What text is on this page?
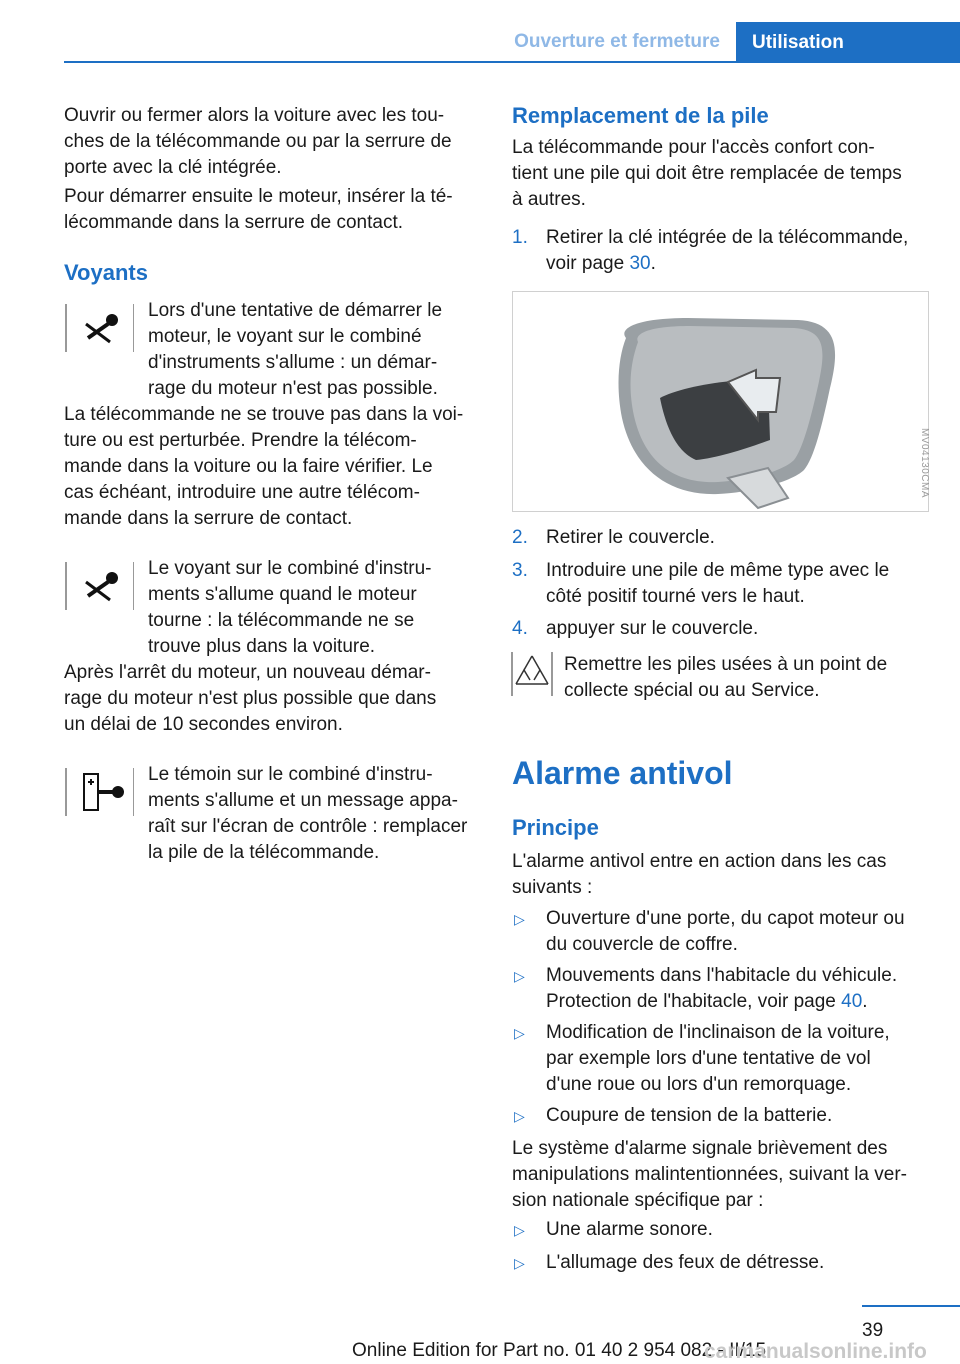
Ouverture et fermeture	Utilisation

Ouvrir ou fermer alors la voiture avec les tou-
ches de la télécommande ou par la serrure de
porte avec la clé intégrée.

Pour démarrer ensuite le moteur, insérer la té-
lécommande dans la serrure de contact.

Voyants

Lors d'une tentative de démarrer le
moteur, le voyant sur le combiné
d'instruments s'allume : un démar-
rage du moteur n'est pas possible.

La télécommande ne se trouve pas dans la voi-
ture ou est perturbée. Prendre la télécom-
mande dans la voiture ou la faire vérifier. Le
cas échéant, introduire une autre télécom-
mande dans la serrure de contact.

Le voyant sur le combiné d'instru-
ments s'allume quand le moteur
tourne : la télécommande ne se
trouve plus dans la voiture.

Après l'arrêt du moteur, un nouveau démar-
rage du moteur n'est plus possible que dans
un délai de 10 secondes environ.

Le témoin sur le combiné d'instru-
ments s'allume et un message appa-
raît sur l'écran de contrôle : remplacer
la pile de la télécommande.

Remplacement de la pile

La télécommande pour l'accès confort con-
tient une pile qui doit être remplacée de temps
à autres.

1. Retirer la clé intégrée de la télécommande,
voir page 30.

MV04130CMA
2. Retirer le couvercle.

3. Introduire une pile de même type avec le
côté positif tourné vers le haut.

4. appuyer sur le couvercle.

Remettre les piles usées à un point de
collecte spécial ou au Service.

Alarme antivol
Principe

L'alarme antivol entre en action dans les cas
suivants :

▷ Ouverture d'une porte, du capot moteur ou
du couvercle de coffre.

▷ Mouvements dans l'habitacle du véhicule.
Protection de l'habitacle, voir page 40.

▷ Modification de l'inclinaison de la voiture,
par exemple lors d'une tentative de vol
d'une roue ou lors d'un remorquage.

▷ Coupure de tension de la batterie.

Le système d'alarme signale brièvement des
manipulations malintentionnées, suivant la ver-
sion nationale spécifique par :

▷ Une alarme sonore.

▷ L'allumage des feux de détresse.

39
Online Edition for Part no. 01 40 2 954 082 - II/15
carmanualsonline.info
